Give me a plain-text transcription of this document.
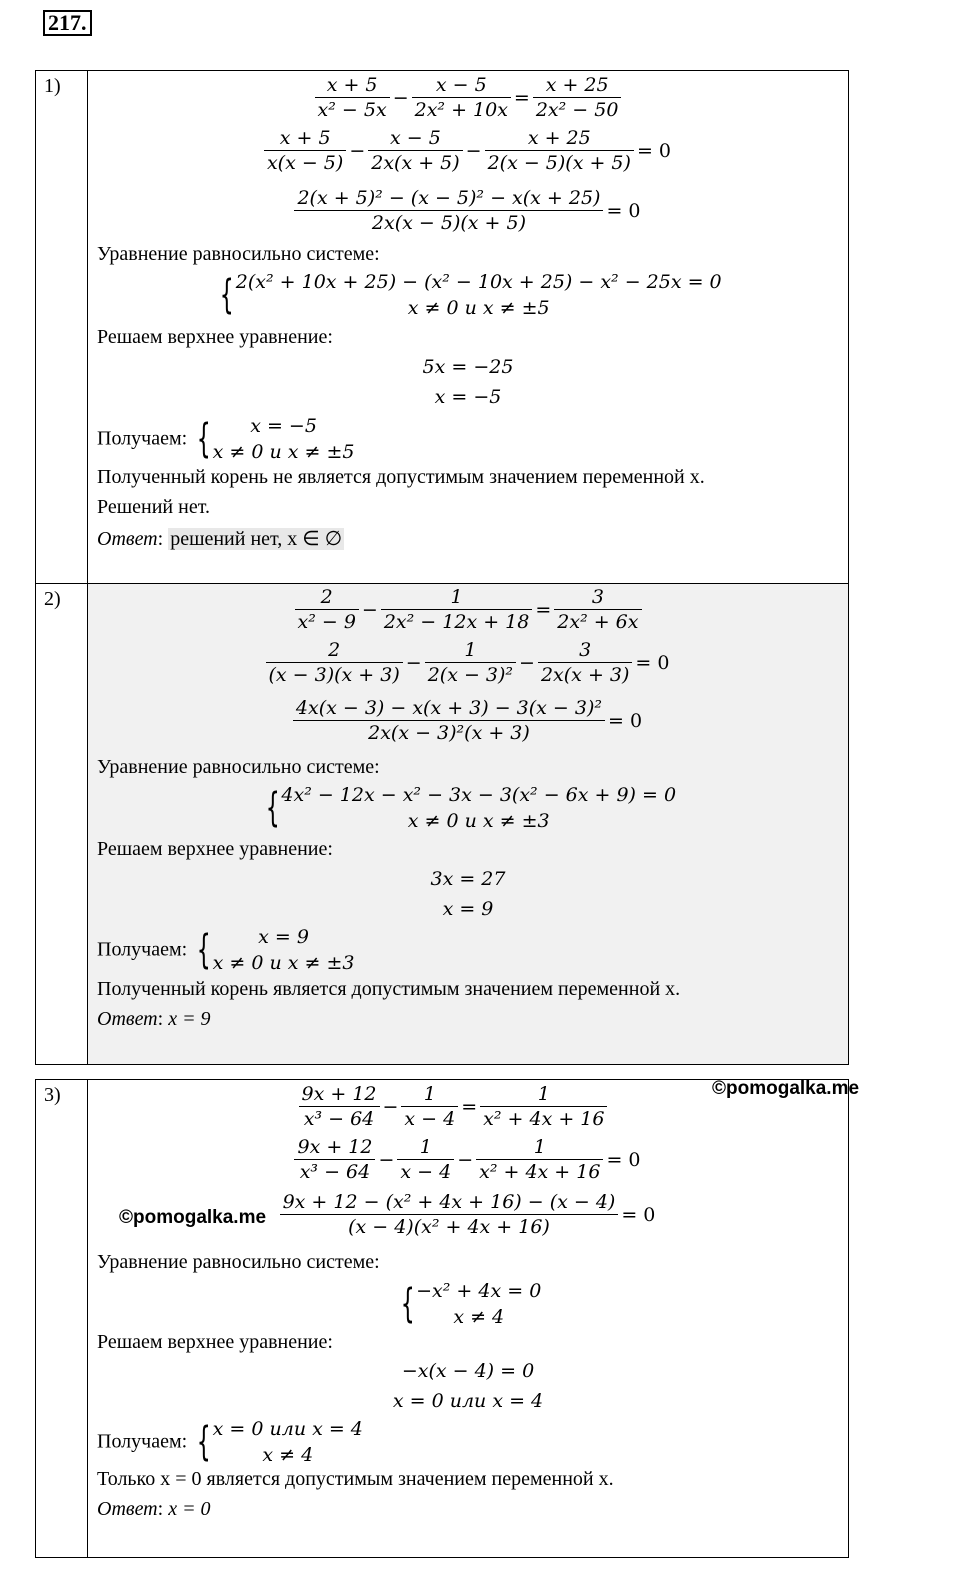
217.
1)	$\frac{x + 5}{\text{x² − 5x}} - \frac{x - 5}{\text{2x² + 10x}} = \frac{x + 25}{\text{2x² − 50}}$
$\frac{x + 5}{x(x - 5)} - \frac{x - 5}{2x(x + 5)} - \frac{x + 25}{2(x - 5)(x + 5)} = 0$
$\frac{\text{2(x + 5)² − (x − 5)² − x(x + 25)}}{2x(x - 5)(x + 5)} = 0$
Уравнение равносильно системе:
{ 2(x² + 10x + 25) − (x² − 10x + 25) − x² − 25x = 0
x ≠ 0 и x ≠ ±5
Решаем верхнее уравнение:
5x = −25
x = −5
Получаем: {	x = −5
x ≠ 0 и x ≠ ±5
Полученный корень не является допустимым значением переменной x.
Решений нет.
Ответ: решений нет, x ∈ ∅
2)	$\frac{2}{\text{x² − 9}} - \frac{1}{\text{2x² − 12x + 18}} = \frac{3}{\text{2x² + 6x}}$
$\frac{2}{(x - 3)(x + 3)} - \frac{1}{\text{2(x − 3)²}} - \frac{3}{2x(x + 3)} = 0$
$\frac{\text{4x(x − 3) − x(x + 3) − 3(x − 3)²}}{\text{2x(x − 3)²(x + 3)}} = 0$
Уравнение равносильно системе:
{ 4x² − 12x − x² − 3x − 3(x² − 6x + 9) = 0
x ≠ 0 и x ≠ ±3
Решаем верхнее уравнение:
3x = 27
x = 9
Получаем: {	x = 9
x ≠ 0 и x ≠ ±3
Полученный корень является допустимым значением переменной x.
Ответ: x = 9
3)	$\frac{9x + 12}{\text{x³ − 64}} - \frac{1}{x - 4} = \frac{1}{\text{x² + 4x + 16}}$
$\frac{9x + 12}{\text{x³ − 64}} - \frac{1}{x - 4} - \frac{1}{\text{x² + 4x + 16}} = 0$
$\frac{\text{9x + 12 − (x² + 4x + 16) − (x − 4)}}{\text{(x − 4)(x² + 4x + 16)}} = 0$
Уравнение равносильно системе:
{ −x² + 4x = 0
x ≠ 4
Решаем верхнее уравнение:
−x(x − 4) = 0
x = 0 или x = 4
Получаем: { x = 0 или x = 4
x ≠ 4
Только x = 0 является допустимым значением переменной x.
Ответ: x = 0
©pomogalka.me
©pomogalka.me
